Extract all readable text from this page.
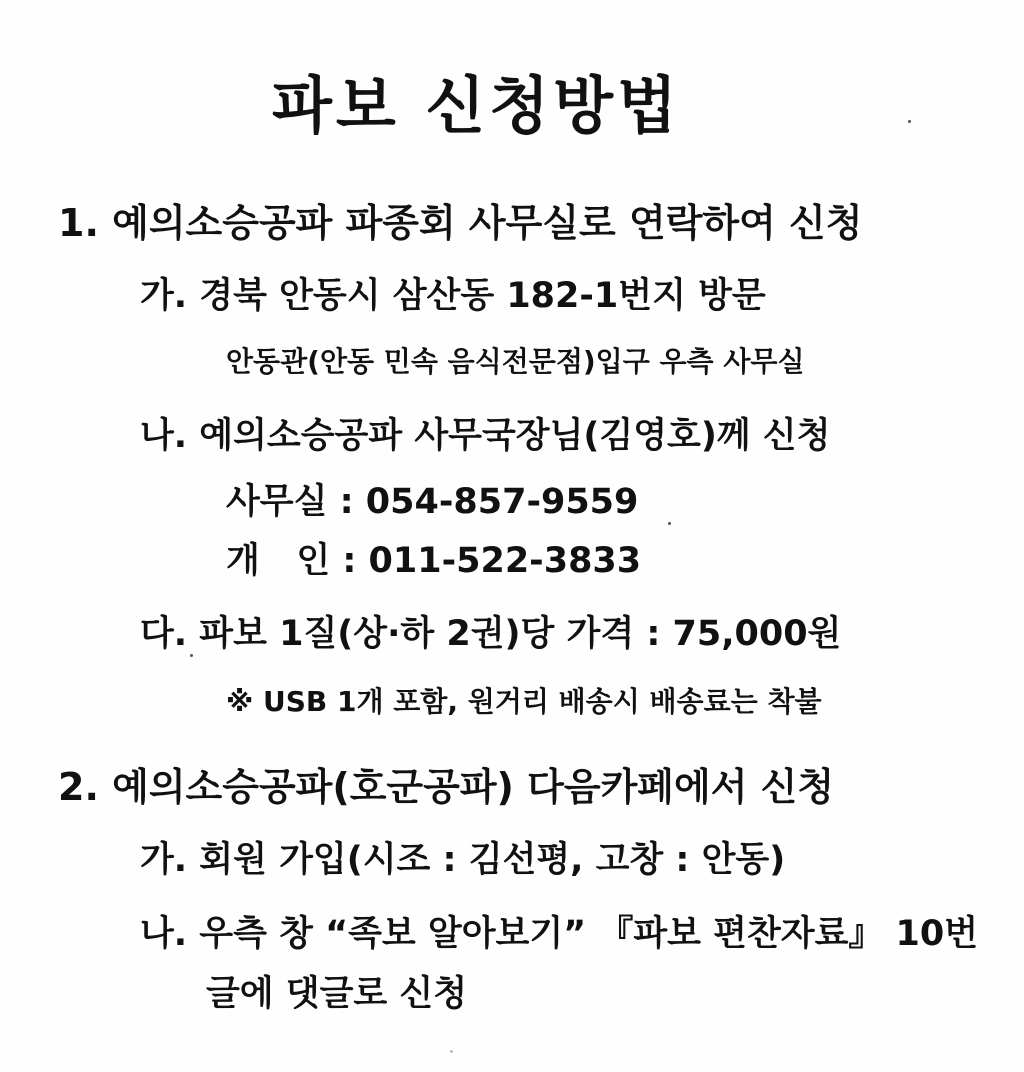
파보 신청방법
1. 예의소승공파 파종회 사무실로 연락하여 신청
가. 경북 안동시 삼산동 182-1번지 방문
안동관(안동 민속 음식전문점)입구 우측 사무실
나. 예의소승공파 사무국장님(김영호)께 신청
사무실 : 054-857-9559
개   인 : 011-522-3833
다. 파보 1질(상·하 2권)당 가격 : 75,000원
※ USB 1개 포함, 원거리 배송시 배송료는 착불
2. 예의소승공파(호군공파) 다음카페에서 신청
가. 회원 가입(시조 : 김선평, 고창 : 안동)
나. 우측 창 “족보 알아보기” 『파보 편찬자료』 10번
글에 댓글로 신청
